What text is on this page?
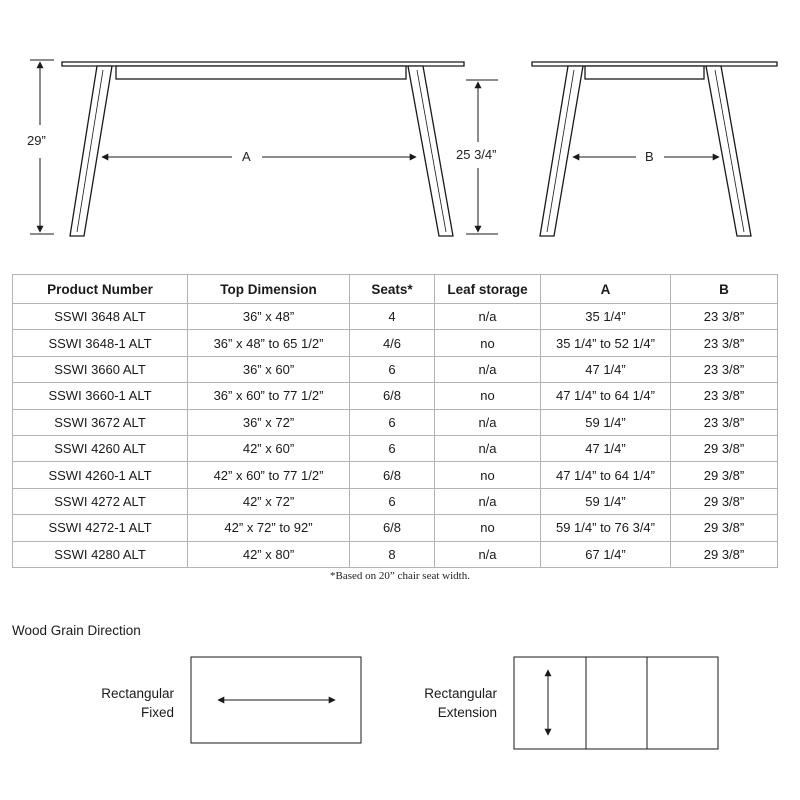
29”
25 3/4”
A	B
Product Number	Top Dimension	Seats*	Leaf storage	A	B
SSWI 3648 ALT	36” x 48”	4	n/a	35 1/4”	23 3/8”
SSWI 3648-1 ALT	36” x 48” to 65 1/2”	4/6	no	35 1/4” to 52 1/4”	23 3/8”
SSWI 3660 ALT	36” x 60”	6	n/a	47 1/4”	23 3/8”
SSWI 3660-1 ALT	36” x 60” to 77 1/2”	6/8	no	47 1/4” to 64 1/4”	23 3/8”
SSWI 3672 ALT	36” x 72”	6	n/a	59 1/4”	23 3/8”
SSWI 4260 ALT	42” x 60”	6	n/a	47 1/4”	29 3/8”
SSWI 4260-1 ALT	42” x 60” to 77 1/2”	6/8	no	47 1/4” to 64 1/4”	29 3/8”
SSWI 4272 ALT	42” x 72”	6	n/a	59 1/4”	29 3/8”
SSWI 4272-1 ALT	42” x 72” to 92”	6/8	no	59 1/4” to 76 3/4”	29 3/8”
SSWI 4280 ALT	42” x 80”	8	n/a	67 1/4”	29 3/8”
*Based on 20” chair seat width.
Wood Grain Direction
Rectangular
Fixed
Rectangular
Extension
